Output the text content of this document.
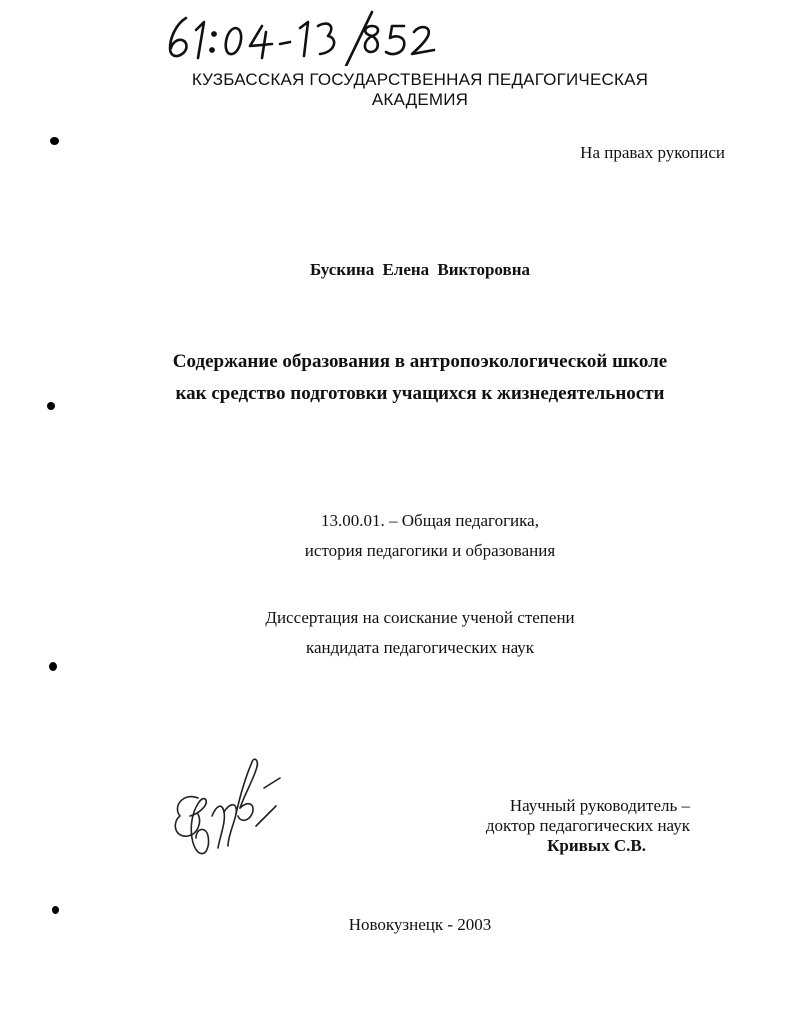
КУЗБАССКАЯ ГОСУДАРСТВЕННАЯ ПЕДАГОГИЧЕСКАЯ АКАДЕМИЯ
На правах рукописи
Бускина Елена Викторовна
Содержание образования в антропоэкологической школе
как средство подготовки учащихся к жизнедеятельности
13.00.01. – Общая педагогика,
история педагогики и образования
Диссертация на соискание ученой степени
кандидата педагогических наук
Научный руководитель –
доктор педагогических наук
Кривых С.В.
Новокузнецк - 2003
